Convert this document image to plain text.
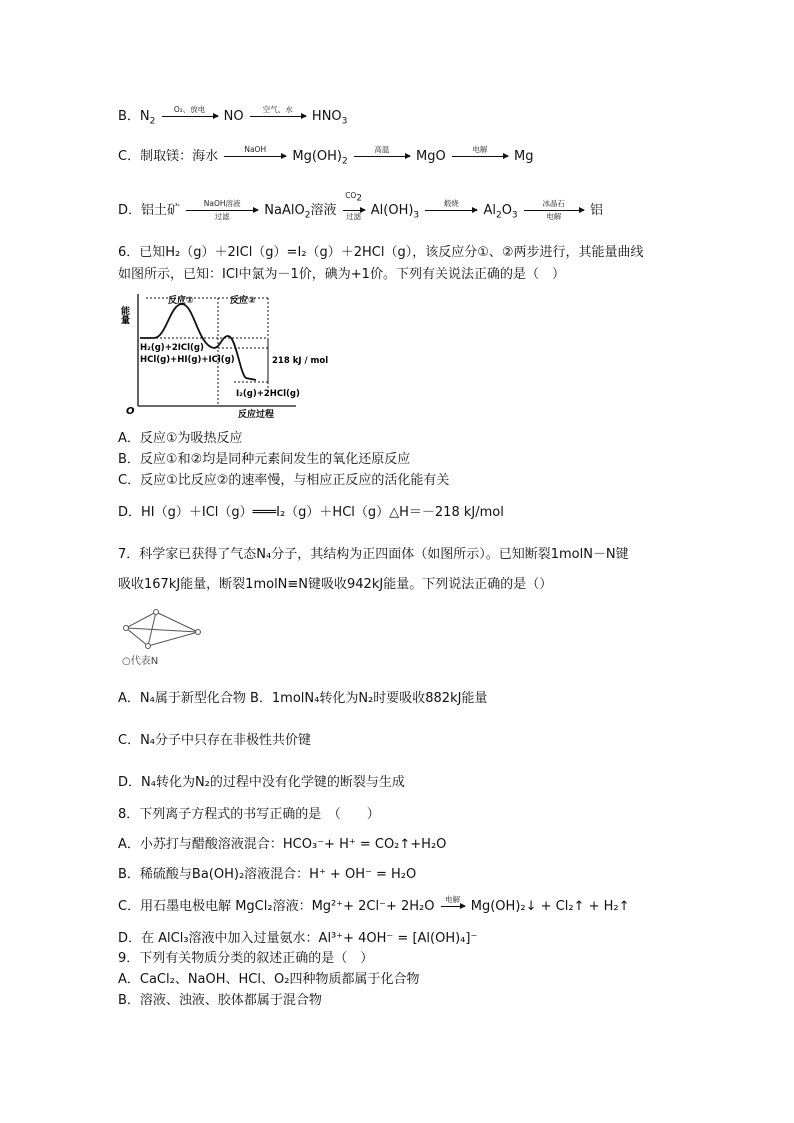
B．$N_2$
O₂、放电	NO	空气、水	$HNO_3$
C．制取镁：海水	NaOH	$Mg(OH)_2$
高温	MgO	电解	Mg
D．铝土矿	NaOH溶液
过滤	NaAlO$_2$溶液
$CO_2$
过滤 $Al(OH)_3$
煅烧	$Al_2O_3$
冰晶石
电解	铝
6．已知H₂（g）＋2ICl（g）=I₂（g）＋2HCl（g），该反应分①、②两步进行，其能量曲线
如图所示，已知：ICl中氯为－1价，碘为+1价。下列有关说法正确的是（　）
能量
O	反应过程
反应①	反应②
218 kJ / mol
H₂(g)+2ICl(g)
HCl(g)+HI(g)+ICl(g)
I₂(g)+2HCl(g)
A．反应①为吸热反应
B．反应①和②均是同种元素间发生的氧化还原反应
C．反应①比反应②的速率慢，与相应正反应的活化能有关
D．HI（g）＋ICl（g）═══I₂（g）＋HCl（g）△H＝－218 kJ/mol
7．科学家已获得了气态N₄分子，其结构为正四面体（如图所示）。已知断裂1molN－N键
吸收167kJ能量，断裂1molN≡N键吸收942kJ能量。下列说法正确的是（）
○代表N
A．N₄属于新型化合物 B．1molN₄转化为N₂时要吸收882kJ能量
C．N₄分子中只存在非极性共价键
D．N₄转化为N₂的过程中没有化学键的断裂与生成
8．下列离子方程式的书写正确的是　（　　）
A．小苏打与醋酸溶液混合：HCO₃⁻+ H⁺ = CO₂↑+H₂O
B．稀硫酸与Ba(OH)₂溶液混合：H⁺ + OH⁻ = H₂O
C．用石墨电极电解 MgCl₂溶液：Mg²⁺+ 2Cl⁻+ 2H₂O	电解 Mg(OH)₂↓ + Cl₂↑ + H₂↑
D．在 AlCl₃溶液中加入过量氨水：Al³⁺+ 4OH⁻ = [Al(OH)₄]⁻
9．下列有关物质分类的叙述正确的是（　）
A．CaCl₂、NaOH、HCl、O₂四种物质都属于化合物
B．溶液、浊液、胶体都属于混合物
